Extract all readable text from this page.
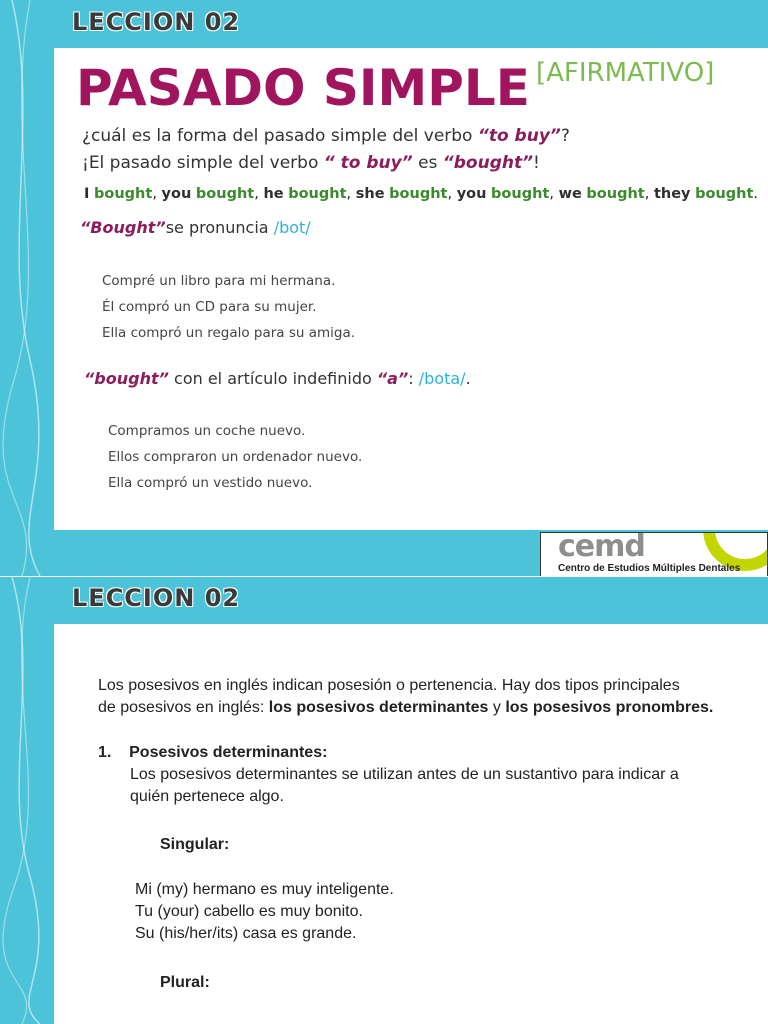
LECCION 02
PASADO SIMPLE [AFIRMATIVO]

¿cuál es la forma del pasado simple del verbo “to buy”?

¡El pasado simple del verbo “ to buy” es “bought”!

I bought, you bought, he bought, she bought, you bought, we bought, they bought.

“Bought”se pronuncia /bot/

Compré un libro para mi hermana.
Él compró un CD para su mujer.
Ella compró un regalo para su amiga.

“bought” con el artículo indefinido “a”: /bota/.

Compramos un coche nuevo.
Ellos compraron un ordenador nuevo.
Ella compró un vestido nuevo.
cemd
Centro de Estudios Múltiples Dentales
LECCION 02

Los posesivos en inglés indican posesión o pertenencia. Hay dos tipos principales
de posesivos en inglés: los posesivos determinantes y los posesivos pronombres.

1. Posesivos determinantes:

Los posesivos determinantes se utilizan antes de un sustantivo para indicar a
quién pertenece algo.

Singular:

Mi (my) hermano es muy inteligente.
Tu (your) cabello es muy bonito.
Su (his/her/its) casa es grande.

Plural:
